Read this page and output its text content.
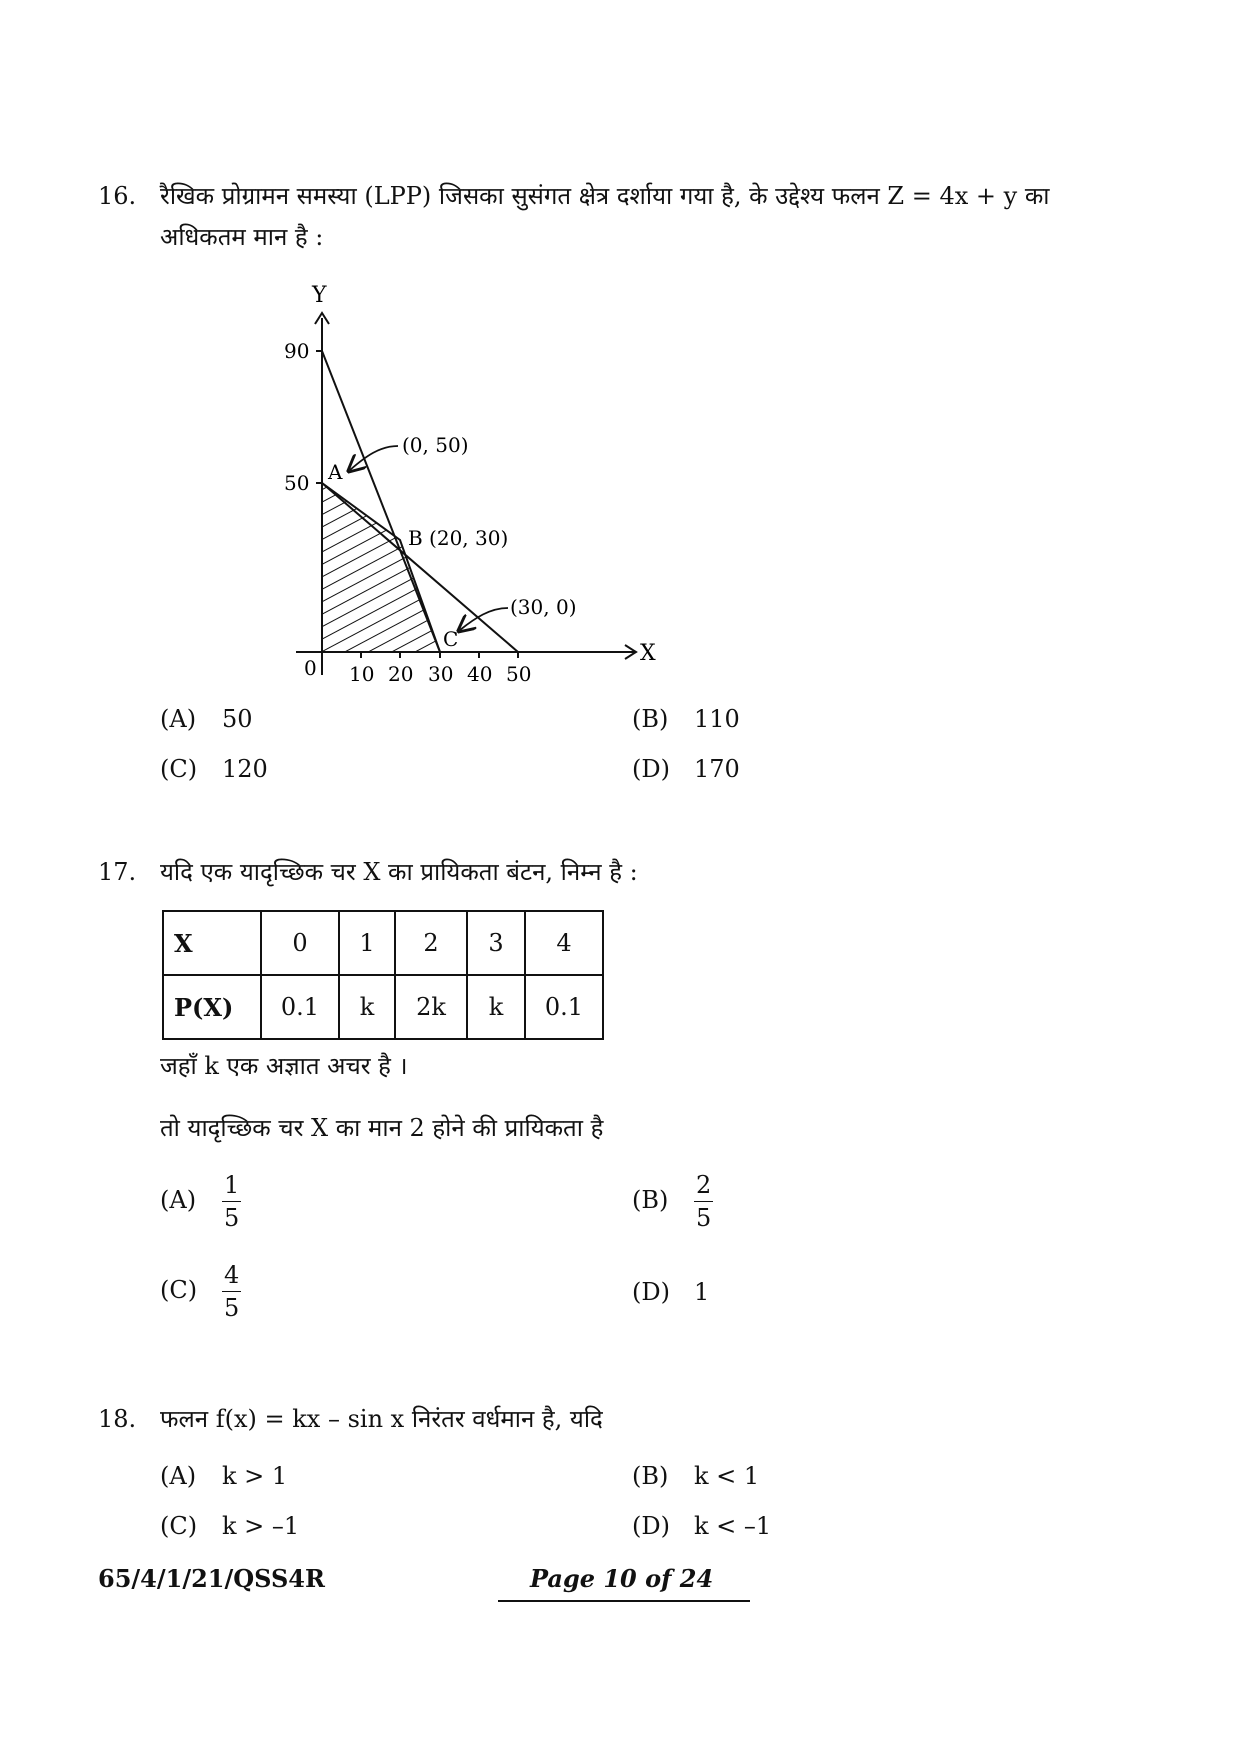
16. रैखिक प्रोग्रामन समस्या (LPP) जिसका सुसंगत क्षेत्र दर्शाया गया है, के उद्देश्य फलन Z = 4x + y का
अधिकतम मान है :
Y
X
0
90
50
10 20 30 40 50
A
B (20, 30)
C
(0, 50)
(30, 0)
(A) 50	(B) 110
(C) 120	(D) 170
17. यदि एक यादृच्छिक चर X का प्रायिकता बंटन, निम्न है :
X	0	1	2	3	4
P(X)	0.1	k	2k	k	0.1
जहाँ k एक अज्ञात अचर है ।
तो यादृच्छिक चर X का मान 2 होने की प्रायिकता है
$(A) \frac{1}{5}$	$(B) \frac{2}{5}$
$(C) \frac{4}{5}$	(D) 1
18. फलन f(x) = kx – sin x निरंतर वर्धमान है, यदि
(A) k > 1	(B) k < 1
(C) k > –1	(D) k < –1
65/4/1/21/QSS4R	Page 10 of 24
